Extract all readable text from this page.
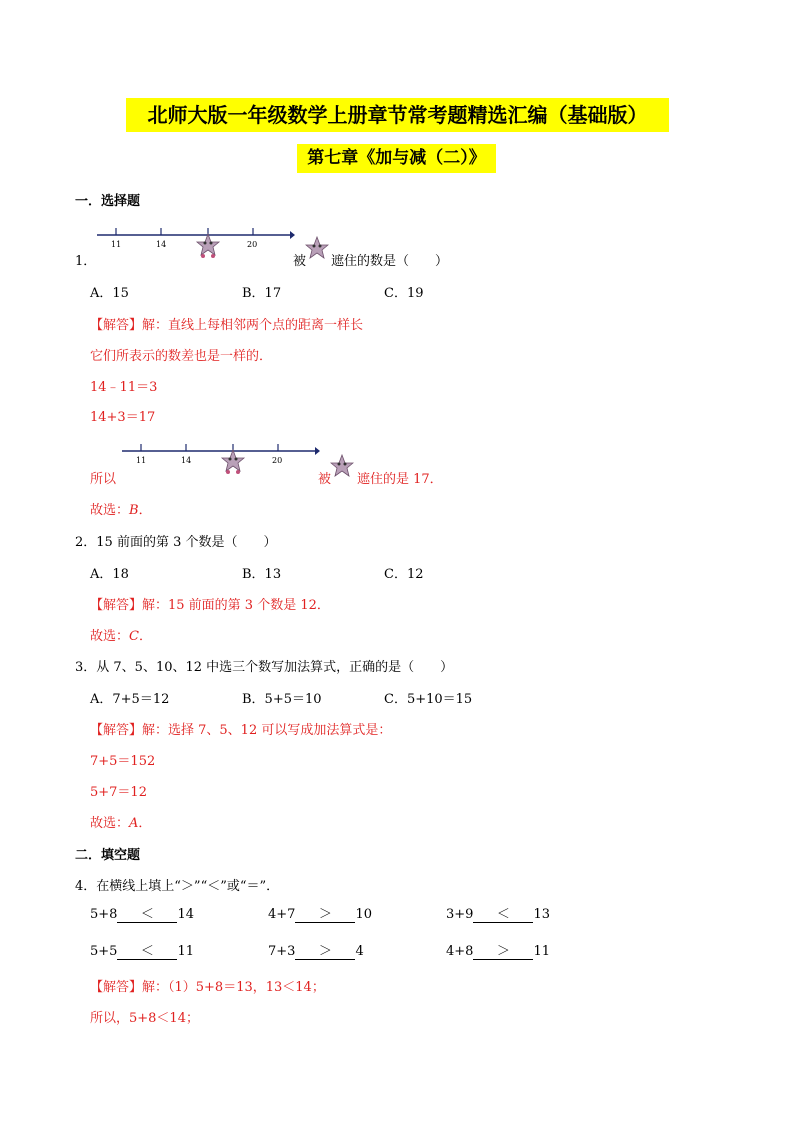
北师大版一年级数学上册章节常考题精选汇编（基础版）
第七章《加与减（二）》
一．选择题
1．
11	14	20
被 遮住的数是（　　）
A．15	B．17	C．19
【解答】解：直线上每相邻两个点的距离一样长
它们所表示的数差也是一样的．
14﹣11＝3
14+3＝17
所以
11	14	20
被 遮住的是 17．
故选：B．
2．15 前面的第 3 个数是（　　）
A．18	B．13	C．12
【解答】解：15 前面的第 3 个数是 12．
故选：C．
3．从 7、5、10、12 中选三个数写加法算式，正确的是（　　）
A．7+5＝12	B．5+5＝10	C．5+10＝15
【解答】解：选择 7、5、12 可以写成加法算式是：
7+5＝152
5+7＝12
故选：A．
二．填空题
4．在横线上填上“＞”“＜”或“＝”．
5+8 ＜ 14	4+7 ＞ 10	3+9 ＜ 13
5+5 ＜ 11	7+3 ＞ 4	4+8 ＞ 11
【解答】解：（1）5+8＝13，13＜14；
所以，5+8＜14；
